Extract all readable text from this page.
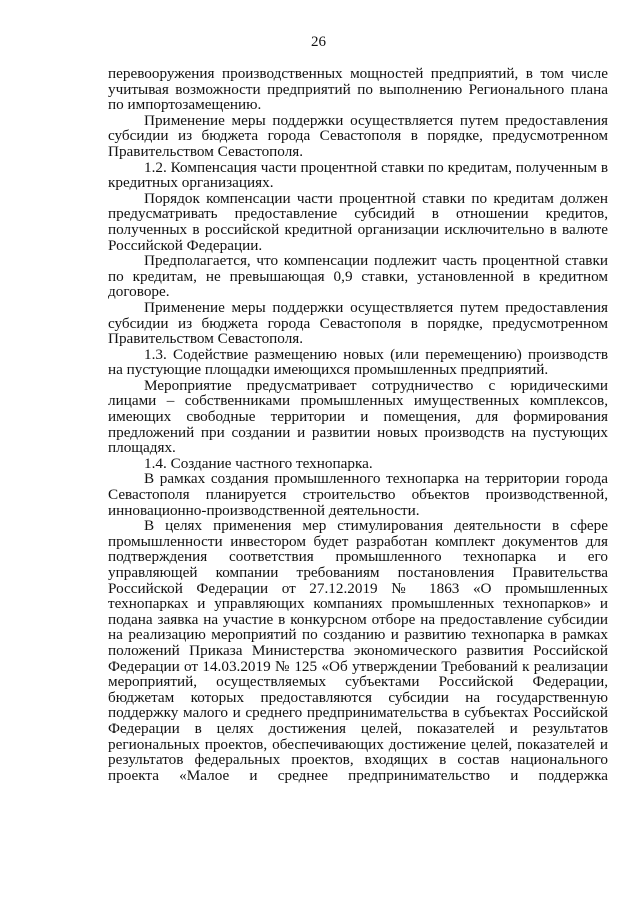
26

перевооружения производственных мощностей предприятий, в том числе учитывая возможности предприятий по выполнению Регионального плана по импортозамещению.

Применение меры поддержки осуществляется путем предоставления субсидии из бюджета города Севастополя в порядке, предусмотренном Правительством Севастополя.

1.2. Компенсация части процентной ставки по кредитам, полученным в кредитных организациях.

Порядок компенсации части процентной ставки по кредитам должен предусматривать предоставление субсидий в отношении кредитов, полученных в российской кредитной организации исключительно в валюте Российской Федерации.

Предполагается, что компенсации подлежит часть процентной ставки по кредитам, не превышающая 0,9 ставки, установленной в кредитном договоре.

Применение меры поддержки осуществляется путем предоставления субсидии из бюджета города Севастополя в порядке, предусмотренном Правительством Севастополя.

1.3. Содействие размещению новых (или перемещению) производств на пустующие площадки имеющихся промышленных предприятий.

Мероприятие предусматривает сотрудничество с юридическими лицами – собственниками промышленных имущественных комплексов, имеющих свободные территории и помещения, для формирования предложений при создании и развитии новых производств на пустующих площадях.

1.4. Создание частного технопарка.

В рамках создания промышленного технопарка на территории города Севастополя планируется строительство объектов производственной, инновационно-производственной деятельности.

В целях применения мер стимулирования деятельности в сфере промышленности инвестором будет разработан комплект документов для подтверждения соответствия промышленного технопарка и его управляющей компании требованиям постановления Правительства Российской Федерации от 27.12.2019 № 1863 «О промышленных технопарках и управляющих компаниях промышленных технопарков» и подана заявка на участие в конкурсном отборе на предоставление субсидии на реализацию мероприятий по созданию и развитию технопарка в рамках положений Приказа Министерства экономического развития Российской Федерации от 14.03.2019 № 125 «Об утверждении Требований к реализации мероприятий, осуществляемых субъектами Российской Федерации, бюджетам которых предоставляются субсидии на государственную поддержку малого и среднего предпринимательства в субъектах Российской Федерации в целях достижения целей, показателей и результатов региональных проектов, обеспечивающих достижение целей, показателей и результатов федеральных проектов, входящих в состав национального проекта «Малое и среднее предпринимательство и поддержка
